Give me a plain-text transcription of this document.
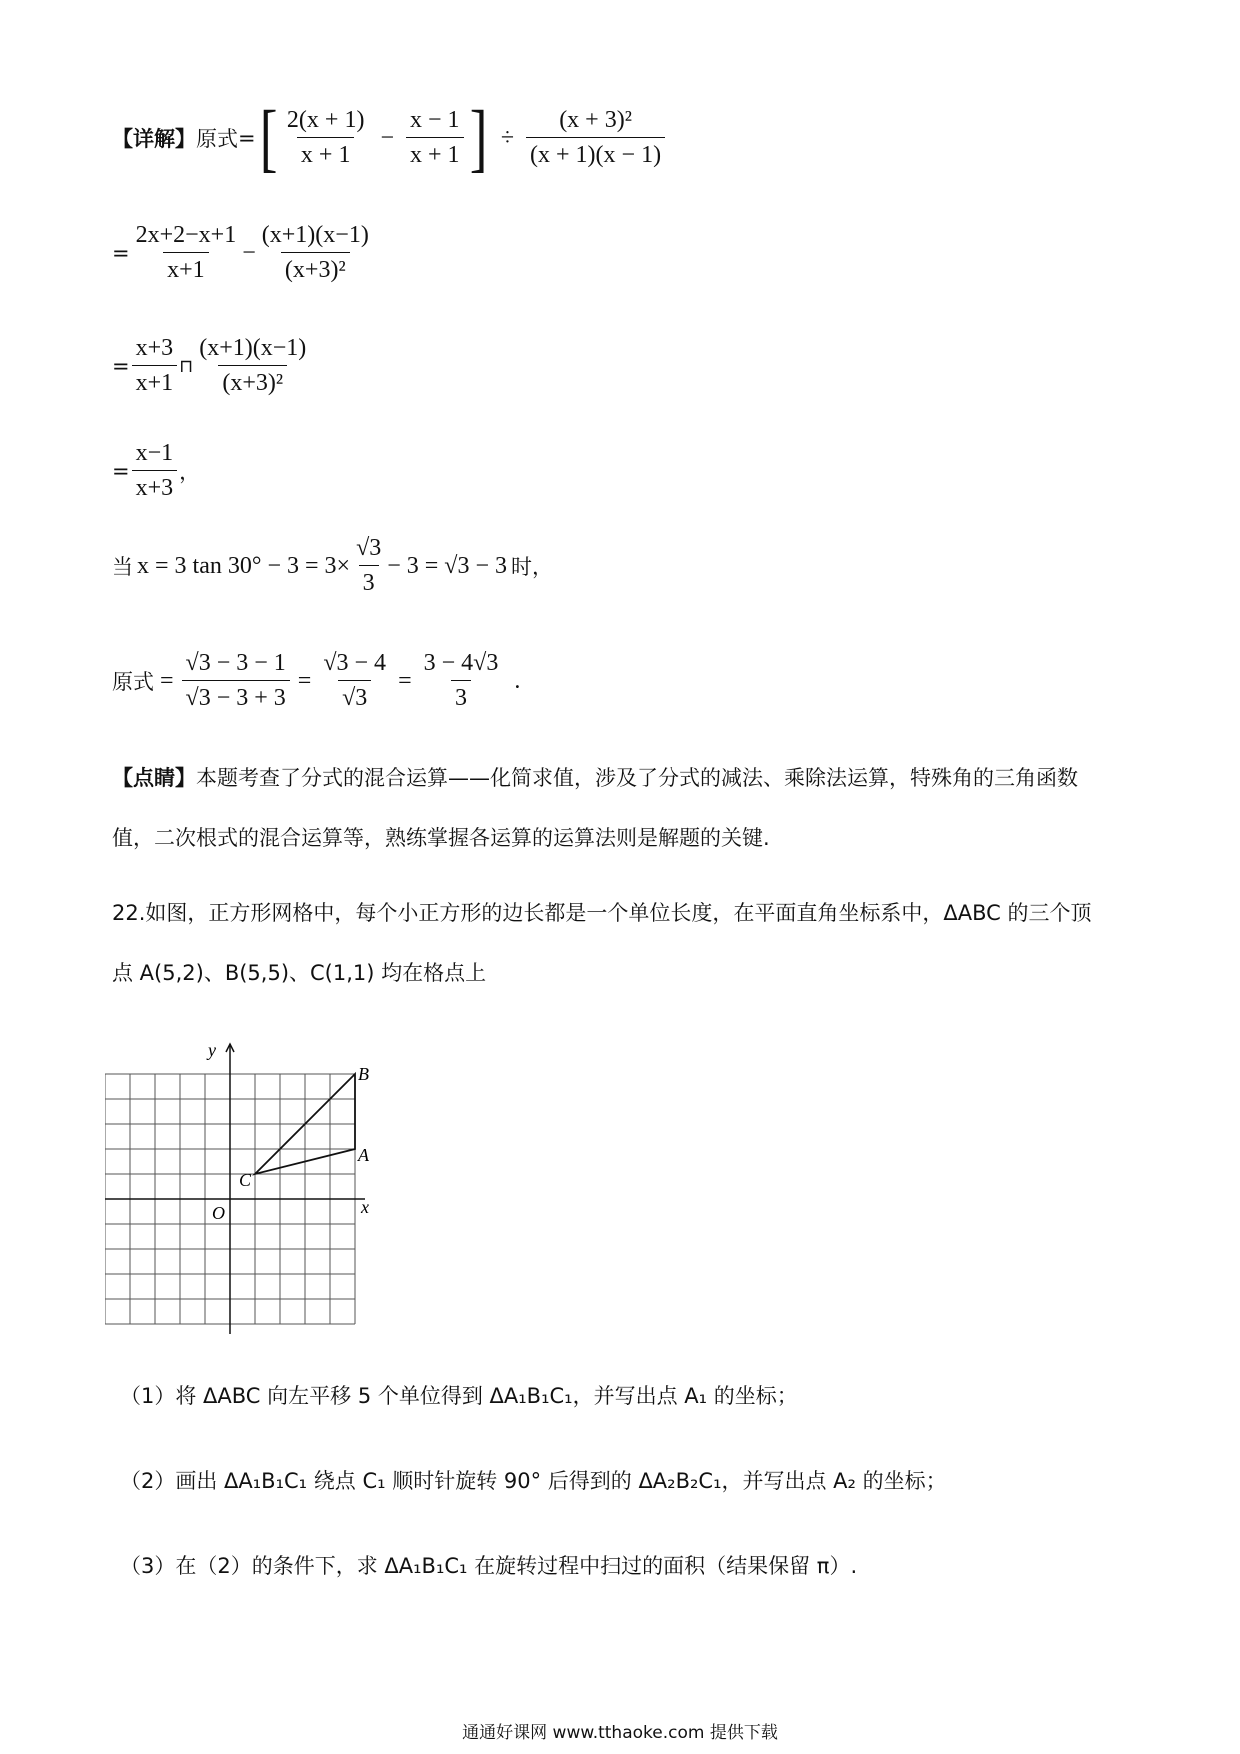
【详解】 原式 = [ $\frac{2(x + 1)}{x + 1} - \frac{x - 1}{x + 1}$ ] ÷ $\frac{\text{(x + 3)²}}{(x + 1)(x - 1)}$
= $\frac{2x+2-x+1}{x+1} - \frac{(x+1)(x-1)}{\text{(x+3)²}}$
= $\frac{x+3}{x+1}$ ⊓ $\frac{(x+1)(x-1)}{\text{(x+3)²}}$
= $\frac{x-1}{x+3}$ ，
当 x = 3 $\tan 30^\circ - 3 = 3\times \frac{√3}{3} - 3 = √3 - 3$ 时，
原式 = $\frac{√3 - 3 - 1}{√3 - 3 + 3} = \frac{√3 - 4}{√3} = \frac{3 - 4√3}{3}$ .
【点睛】本题考查了分式的混合运算——化简求值，涉及了分式的减法、乘除法运算，特殊角的三角函数
值，二次根式的混合运算等，熟练掌握各运算的运算法则是解题的关键.
22.如图，正方形网格中，每个小正方形的边长都是一个单位长度，在平面直角坐标系中，ΔABC 的三个顶
点 A(5,2)、B(5,5)、C(1,1) 均在格点上
x
y
O
A
B
C
（1）将 ΔABC 向左平移 5 个单位得到 ΔA₁B₁C₁，并写出点 A₁ 的坐标；
（2）画出 ΔA₁B₁C₁ 绕点 C₁ 顺时针旋转 90° 后得到的 ΔA₂B₂C₁，并写出点 A₂ 的坐标；
（3）在（2）的条件下，求 ΔA₁B₁C₁ 在旋转过程中扫过的面积（结果保留 π）.
通通好课网 www.tthaoke.com 提供下载
